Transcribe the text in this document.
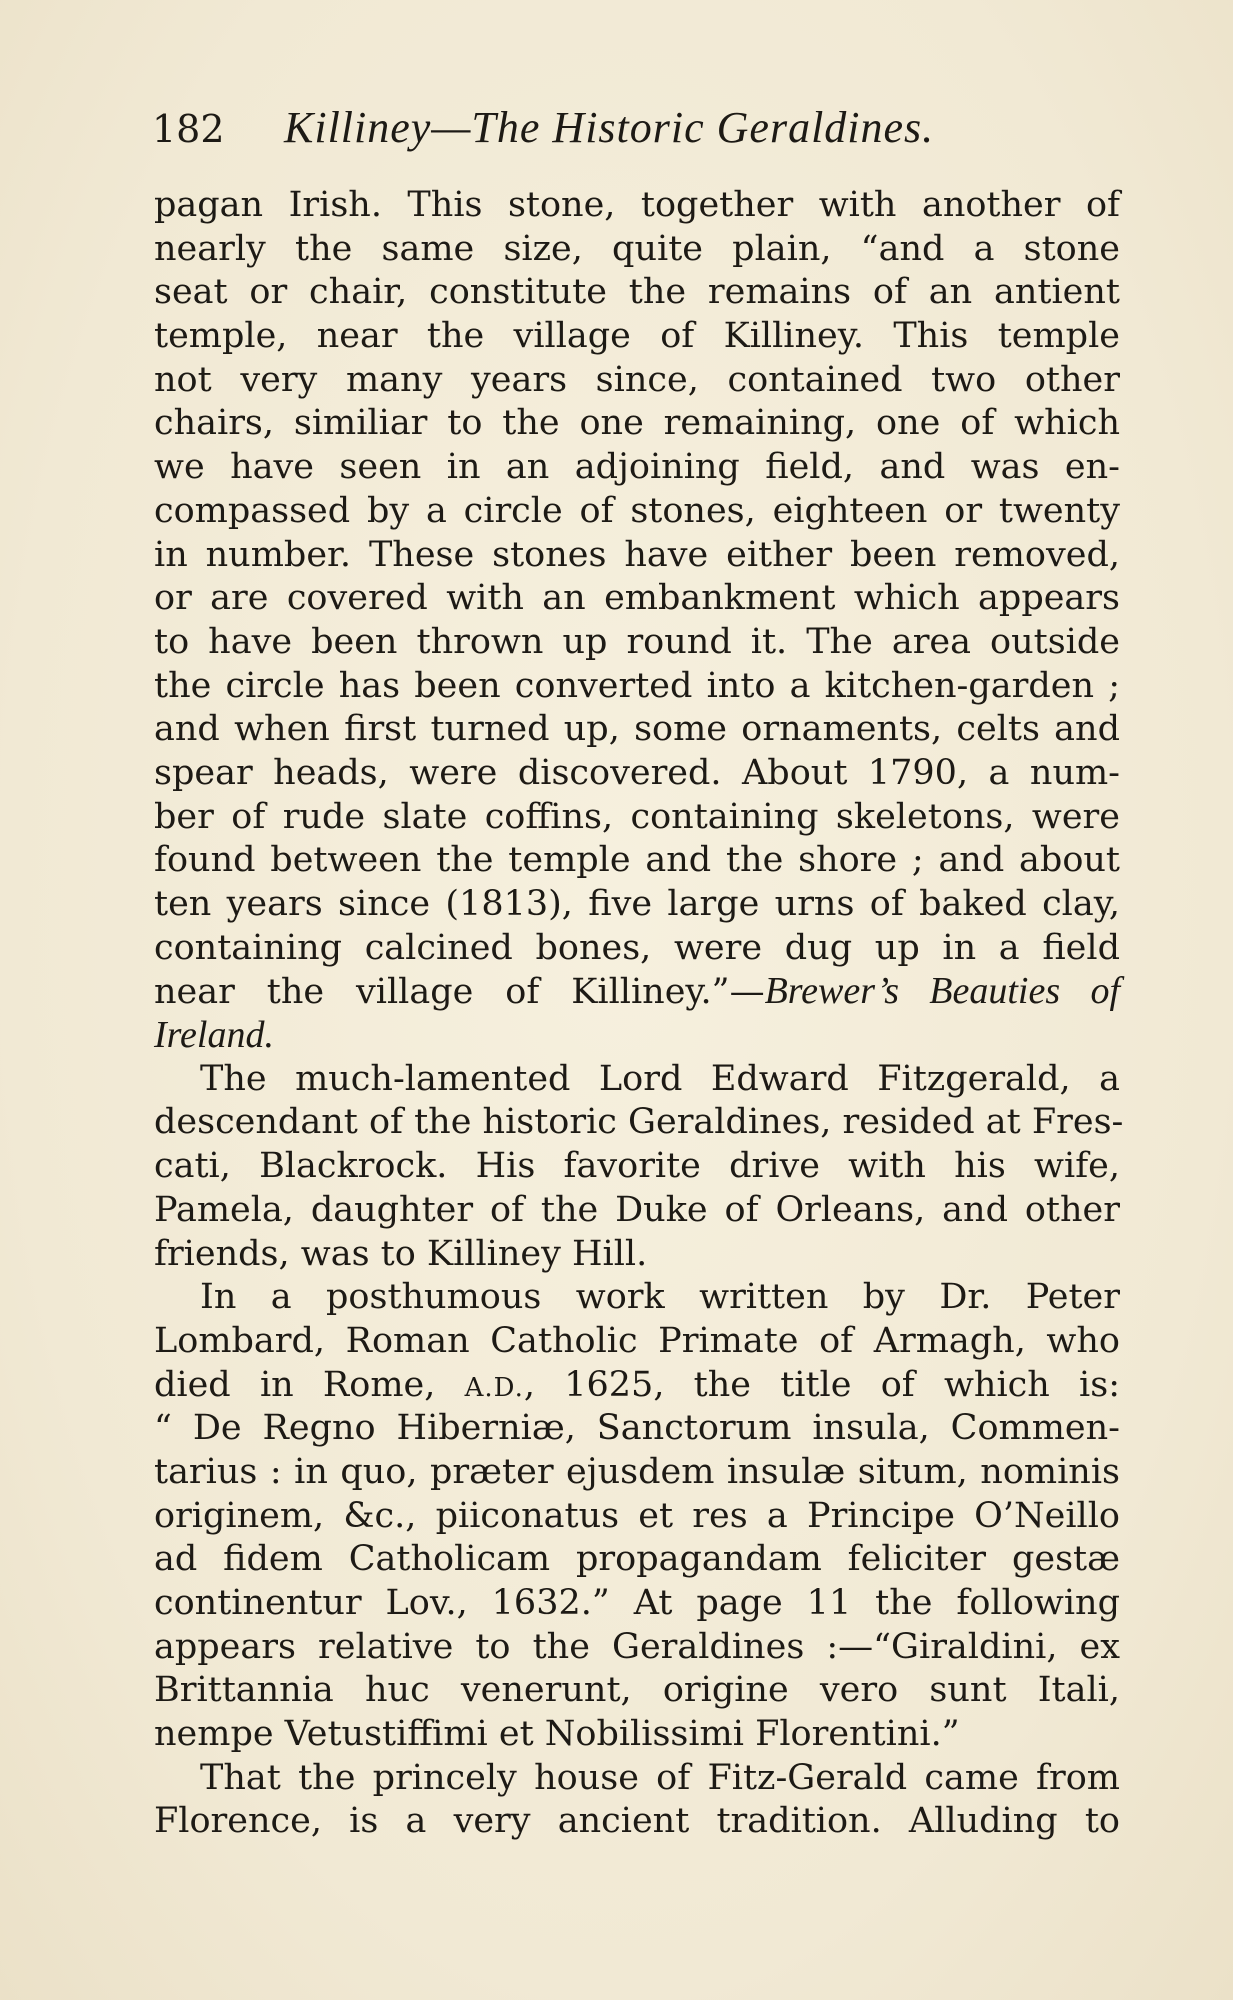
182 Killiney—The Historic Geraldines.
pagan Irish. This stone, together with another of
nearly the same size, quite plain, “and a stone
seat or chair, constitute the remains of an antient
temple, near the village of Killiney. This temple
not very many years since, contained two other
chairs, similiar to the one remaining, one of which
we have seen in an adjoining field, and was en-
compassed by a circle of stones, eighteen or twenty
in number. These stones have either been removed,
or are covered with an embankment which appears
to have been thrown up round it. The area outside
the circle has been converted into a kitchen-garden ;
and when first turned up, some ornaments, celts and
spear heads, were discovered. About 1790, a num-
ber of rude slate coffins, containing skeletons, were
found between the temple and the shore ; and about
ten years since (1813), five large urns of baked clay,
containing calcined bones, were dug up in a field
near the village of Killiney.”—Brewer’s Beauties of
Ireland.
The much-lamented Lord Edward Fitzgerald, a
descendant of the historic Geraldines, resided at Fres-
cati, Blackrock. His favorite drive with his wife,
Pamela, daughter of the Duke of Orleans, and other
friends, was to Killiney Hill.
In a posthumous work written by Dr. Peter
Lombard, Roman Catholic Primate of Armagh, who
died in Rome, A.D., 1625, the title of which is:
“ De Regno Hiberniæ, Sanctorum insula, Commen-
tarius : in quo, præter ejusdem insulæ situm, nominis
originem, &c., piiconatus et res a Principe O’Neillo
ad fidem Catholicam propagandam feliciter gestæ
continentur Lov., 1632.” At page 11 the following
appears relative to the Geraldines :—“Giraldini, ex
Brittannia huc venerunt, origine vero sunt Itali,
nempe Vetustiffimi et Nobilissimi Florentini.”
That the princely house of Fitz-Gerald came from
Florence, is a very ancient tradition. Alluding to
